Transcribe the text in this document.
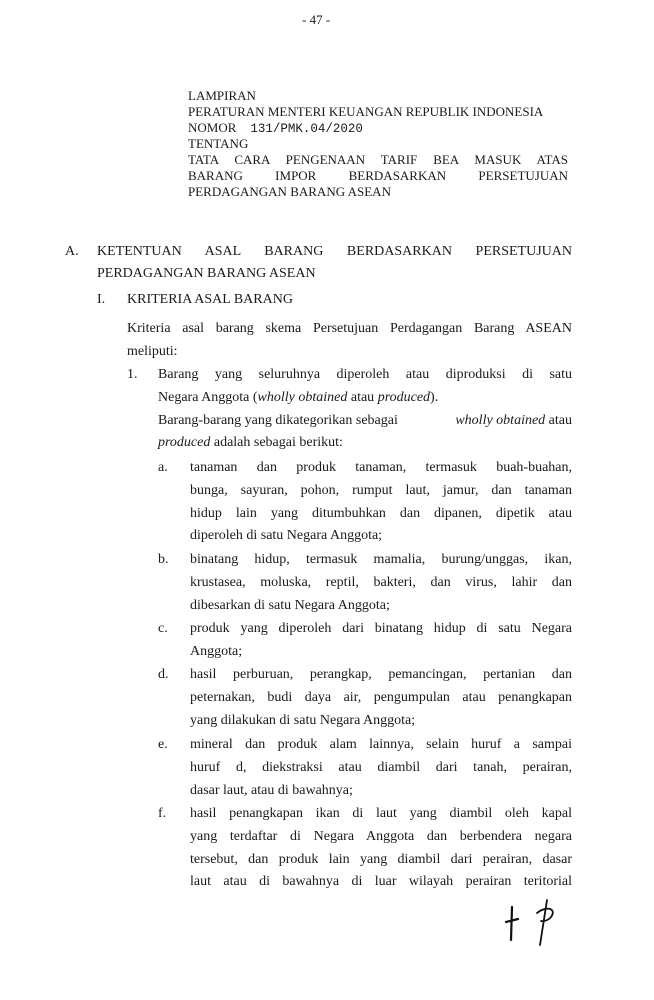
- 47 -
LAMPIRAN
PERATURAN MENTERI KEUANGAN REPUBLIK INDONESIA
NOMOR 131/PMK.04/2020
TENTANG
TATA CARA PENGENAAN TARIF BEA MASUK ATAS
BARANG IMPOR BERDASARKAN PERSETUJUAN
PERDAGANGAN BARANG ASEAN
A. KETENTUAN ASAL BARANG BERDASARKAN PERSETUJUAN
PERDAGANGAN BARANG ASEAN
I. KRITERIA ASAL BARANG
Kriteria asal barang skema Persetujuan Perdagangan Barang ASEAN
meliputi:
1. Barang yang seluruhnya diperoleh atau diproduksi di satu
Negara Anggota (wholly obtained atau produced).
Barang-barang yang dikategorikan sebagai	wholly obtained atau
produced adalah sebagai berikut:
a. tanaman dan produk tanaman, termasuk buah-buahan,
bunga, sayuran, pohon, rumput laut, jamur, dan tanaman
hidup lain yang ditumbuhkan dan dipanen, dipetik atau
diperoleh di satu Negara Anggota;
b. binatang hidup, termasuk mamalia, burung/unggas, ikan,
krustasea, moluska, reptil, bakteri, dan virus, lahir dan
dibesarkan di satu Negara Anggota;
c. produk yang diperoleh dari binatang hidup di satu Negara
Anggota;
d. hasil perburuan, perangkap, pemancingan, pertanian dan
peternakan, budi daya air, pengumpulan atau penangkapan
yang dilakukan di satu Negara Anggota;
e. mineral dan produk alam lainnya, selain huruf a sampai
huruf d, diekstraksi atau diambil dari tanah, perairan,
dasar laut, atau di bawahnya;
f. hasil penangkapan ikan di laut yang diambil oleh kapal
yang terdaftar di Negara Anggota dan berbendera negara
tersebut, dan produk lain yang diambil dari perairan, dasar
laut atau di bawahnya di luar wilayah perairan teritorial
